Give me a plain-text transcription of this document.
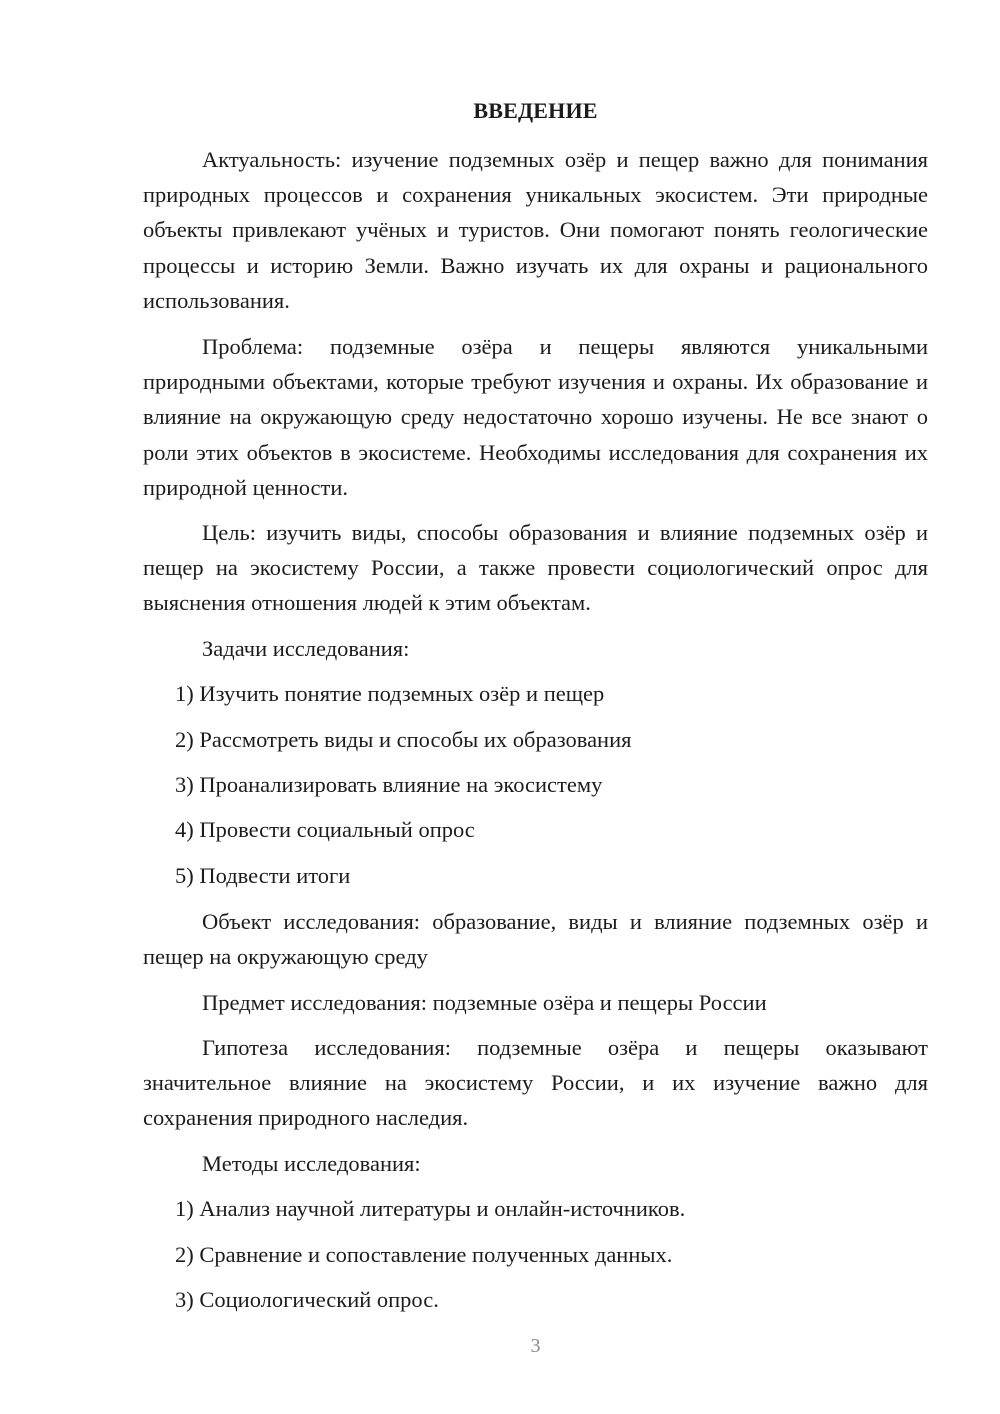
ВВЕДЕНИЕ

Актуальность: изучение подземных озёр и пещер важно для понимания природных процессов и сохранения уникальных экосистем. Эти природные объекты привлекают учёных и туристов. Они помогают понять геологические процессы и историю Земли. Важно изучать их для охраны и рационального использования.

Проблема: подземные озёра и пещеры являются уникальными природными объектами, которые требуют изучения и охраны. Их образование и влияние на окружающую среду недостаточно хорошо изучены. Не все знают о роли этих объектов в экосистеме. Необходимы исследования для сохранения их природной ценности.

Цель: изучить виды, способы образования и влияние подземных озёр и пещер на экосистему России, а также провести социологический опрос для выяснения отношения людей к этим объектам.

Задачи исследования:
1) Изучить понятие подземных озёр и пещер
2) Рассмотреть виды и способы их образования
3) Проанализировать влияние на экосистему
4) Провести социальный опрос
5) Подвести итоги

Объект исследования: образование, виды и влияние подземных озёр и пещер на окружающую среду

Предмет исследования: подземные озёра и пещеры России

Гипотеза исследования: подземные озёра и пещеры оказывают значительное влияние на экосистему России, и их изучение важно для сохранения природного наследия.

Методы исследования:
1) Анализ научной литературы и онлайн-источников.
2) Сравнение и сопоставление полученных данных.
3) Социологический опрос.
3
